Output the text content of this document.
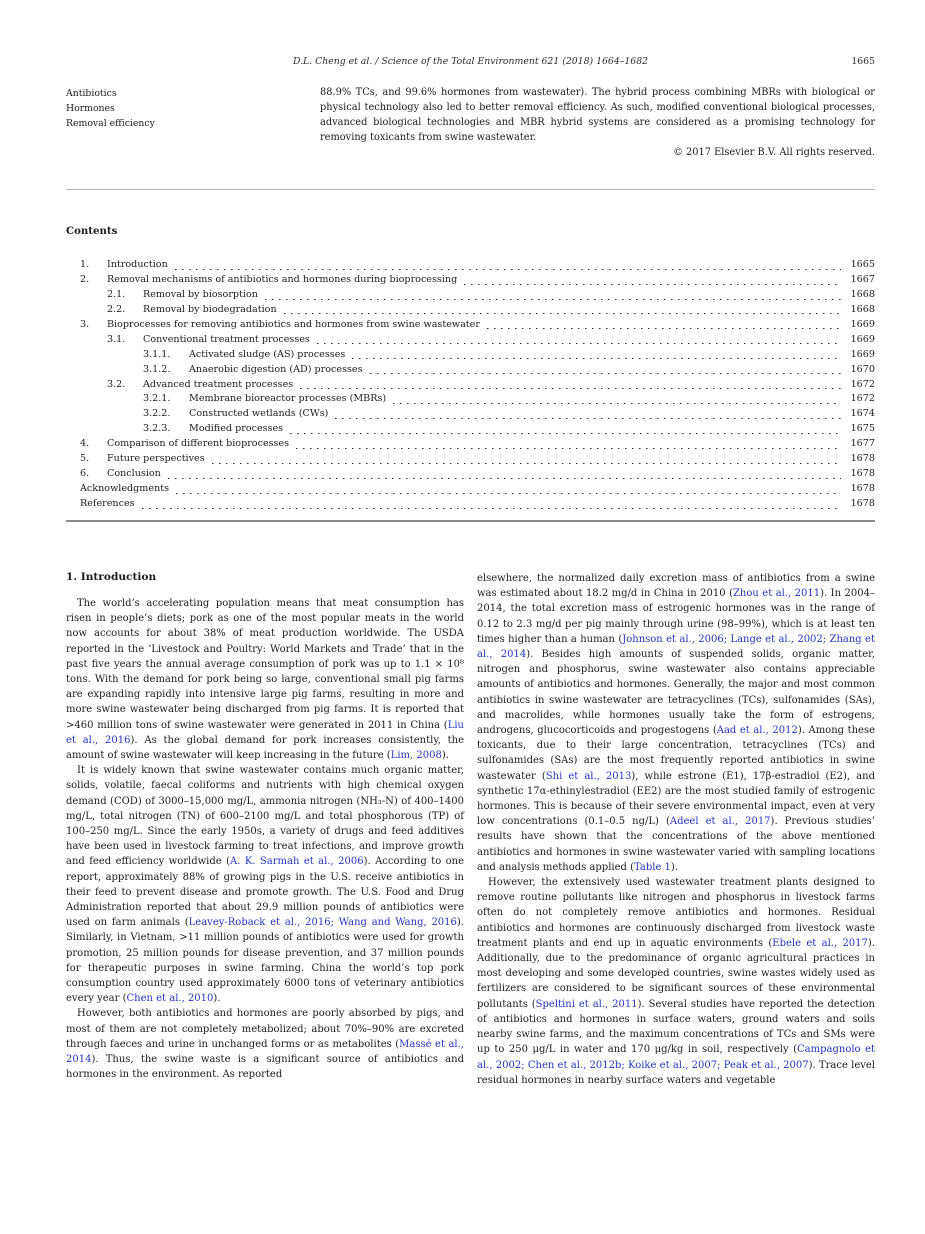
D.L. Cheng et al. / Science of the Total Environment 621 (2018) 1664–1682	1665
Antibiotics
Hormones
Removal efficiency
88.9% TCs, and 99.6% hormones from wastewater). The hybrid process combining MBRs with biological or physical technology also led to better removal efficiency. As such, modified conventional biological processes, advanced biological technologies and MBR hybrid systems are considered as a promising technology for removing toxicants from swine wastewater.
© 2017 Elsevier B.V. All rights reserved.
Contents
1.	Introduction	1665
2.	Removal mechanisms of antibiotics and hormones during bioprocessing	1667
2.1.	Removal by biosorption	1668
2.2.	Removal by biodegradation	1668
3.	Bioprocesses for removing antibiotics and hormones from swine wastewater	1669
3.1.	Conventional treatment processes	1669
3.1.1.	Activated sludge (AS) processes	1669
3.1.2.	Anaerobic digestion (AD) processes	1670
3.2.	Advanced treatment processes	1672
3.2.1.	Membrane bioreactor processes (MBRs)	1672
3.2.2.	Constructed wetlands (CWs)	1674
3.2.3.	Modified processes	1675
4.	Comparison of different bioprocesses	1677
5.	Future perspectives	1678
6.	Conclusion	1678
Acknowledgments	1678
References	1678
1. Introduction

The world’s accelerating population means that meat consumption has risen in people’s diets; pork as one of the most popular meats in the world now accounts for about 38% of meat production worldwide. The USDA reported in the ‘Livestock and Poultry: World Markets and Trade’ that in the past five years the annual average consumption of pork was up to 1.1 × 10⁸ tons. With the demand for pork being so large, conventional small pig farms are expanding rapidly into intensive large pig farms, resulting in more and more swine wastewater being discharged from pig farms. It is reported that >460 million tons of swine wastewater were generated in 2011 in China (Liu et al., 2016). As the global demand for pork increases consistently, the amount of swine wastewater will keep increasing in the future (Lim, 2008).

It is widely known that swine wastewater contains much organic matter, solids, volatile, faecal coliforms and nutrients with high chemical oxygen demand (COD) of 3000–15,000 mg/L, ammonia nitrogen (NH₃-N) of 400–1400 mg/L, total nitrogen (TN) of 600–2100 mg/L and total phosphorous (TP) of 100–250 mg/L. Since the early 1950s, a variety of drugs and feed additives have been used in livestock farming to treat infections, and improve growth and feed efficiency worldwide (A. K. Sarmah et al., 2006). According to one report, approximately 88% of growing pigs in the U.S. receive antibiotics in their feed to prevent disease and promote growth. The U.S. Food and Drug Administration reported that about 29.9 million pounds of antibiotics were used on farm animals (Leavey-Roback et al., 2016; Wang and Wang, 2016). Similarly, in Vietnam, >11 million pounds of antibiotics were used for growth promotion, 25 million pounds for disease prevention, and 37 million pounds for therapeutic purposes in swine farming. China the world’s top pork consumption country used approximately 6000 tons of veterinary antibiotics every year (Chen et al., 2010).

However, both antibiotics and hormones are poorly absorbed by pigs, and most of them are not completely metabolized; about 70%–90% are excreted through faeces and urine in unchanged forms or as metabolites (Massé et al., 2014). Thus, the swine waste is a significant source of antibiotics and hormones in the environment. As reported

elsewhere, the normalized daily excretion mass of antibiotics from a swine was estimated about 18.2 mg/d in China in 2010 (Zhou et al., 2011). In 2004–2014, the total excretion mass of estrogenic hormones was in the range of 0.12 to 2.3 mg/d per pig mainly through urine (98–99%), which is at least ten times higher than a human (Johnson et al., 2006; Lange et al., 2002; Zhang et al., 2014). Besides high amounts of suspended solids, organic matter, nitrogen and phosphorus, swine wastewater also contains appreciable amounts of antibiotics and hormones. Generally, the major and most common antibiotics in swine wastewater are tetracyclines (TCs), sulfonamides (SAs), and macrolides, while hormones usually take the form of estrogens, androgens, glucocorticoids and progestogens (Aad et al., 2012). Among these toxicants, due to their large concentration, tetracyclines (TCs) and sulfonamides (SAs) are the most frequently reported antibiotics in swine wastewater (Shi et al., 2013), while estrone (E1), 17β-estradiol (E2), and synthetic 17α-ethinylestradiol (EE2) are the most studied family of estrogenic hormones. This is because of their severe environmental impact, even at very low concentrations (0.1–0.5 ng/L) (Adeel et al., 2017). Previous studies’ results have shown that the concentrations of the above mentioned antibiotics and hormones in swine wastewater varied with sampling locations and analysis methods applied (Table 1).

However, the extensively used wastewater treatment plants designed to remove routine pollutants like nitrogen and phosphorus in livestock farms often do not completely remove antibiotics and hormones. Residual antibiotics and hormones are continuously discharged from livestock waste treatment plants and end up in aquatic environments (Ebele et al., 2017). Additionally, due to the predominance of organic agricultural practices in most developing and some developed countries, swine wastes widely used as fertilizers are considered to be significant sources of these environmental pollutants (Speltini et al., 2011). Several studies have reported the detection of antibiotics and hormones in surface waters, ground waters and soils nearby swine farms, and the maximum concentrations of TCs and SMs were up to 250 μg/L in water and 170 μg/kg in soil, respectively (Campagnolo et al., 2002; Chen et al., 2012b; Koike et al., 2007; Peak et al., 2007). Trace level residual hormones in nearby surface waters and vegetable
